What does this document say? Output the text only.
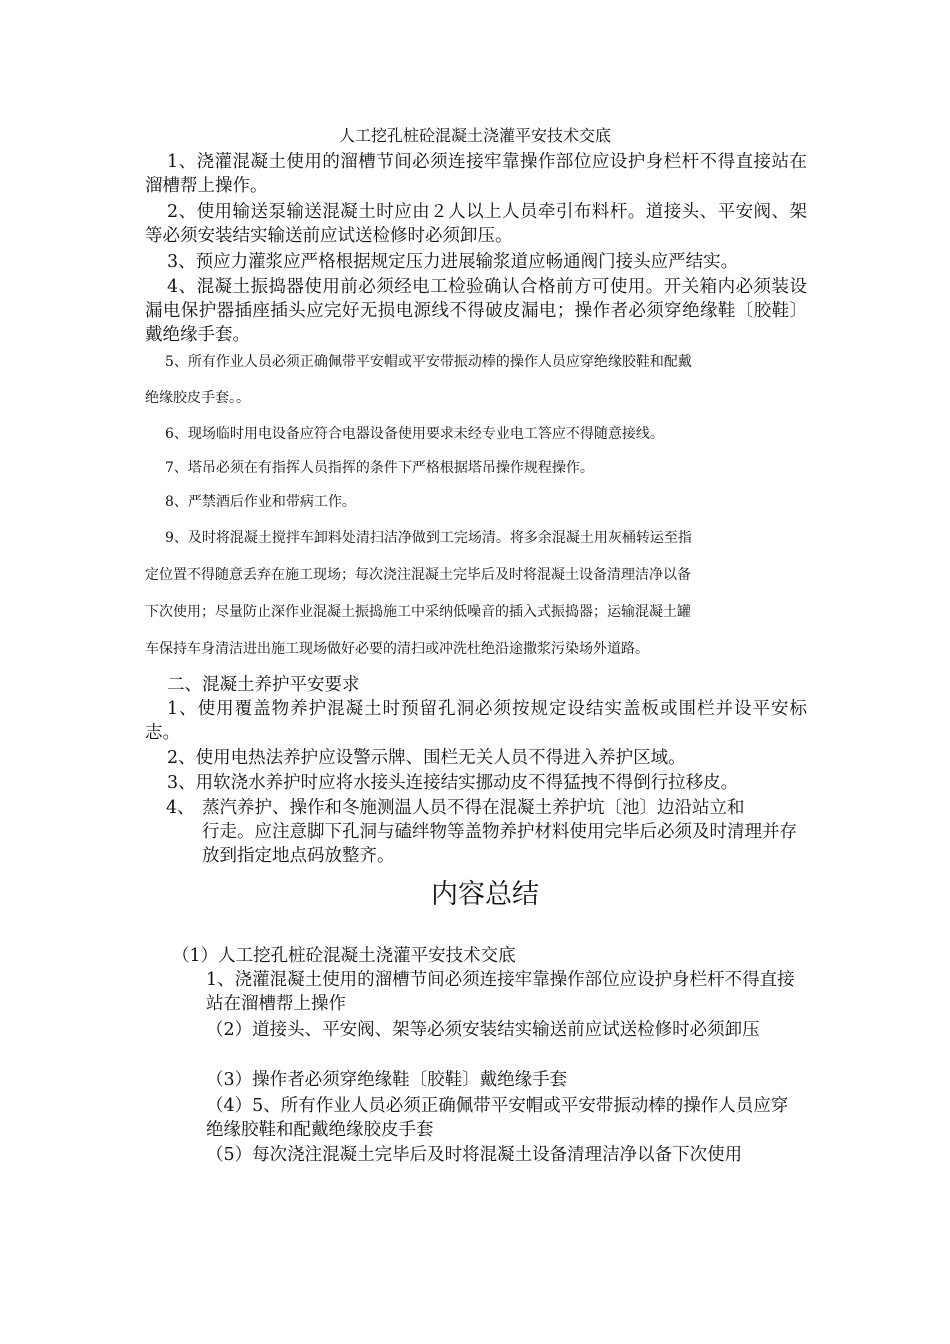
人工挖孔桩砼混凝土浇灌平安技术交底
1、浇灌混凝土使用的溜槽节间必须连接牢靠操作部位应设护身栏杆不得直接站在溜槽帮上操作。
2、使用输送泵输送混凝土时应由２人以上人员牵引布料杆。道接头、平安阀、架等必须安装结实输送前应试送检修时必须卸压。
3、预应力灌浆应严格根据规定压力进展输浆道应畅通阀门接头应严结实。
4、混凝土振捣器使用前必须经电工检验确认合格前方可使用。开关箱内必须装设漏电保护器插座插头应完好无损电源线不得破皮漏电；操作者必须穿绝缘鞋〔胶鞋〕戴绝缘手套。
5、所有作业人员必须正确佩带平安帽或平安带振动棒的操作人员应穿绝缘胶鞋和配戴
绝缘胶皮手套。。
6、现场临时用电设备应符合电器设备使用要求未经专业电工答应不得随意接线。
7、塔吊必须在有指挥人员指挥的条件下严格根据塔吊操作规程操作。
8、严禁酒后作业和带病工作。
9、及时将混凝土搅拌车卸料处清扫洁净做到工完场清。将多余混凝土用灰桶转运至指
定位置不得随意丢弃在施工现场；每次浇注混凝土完毕后及时将混凝土设备清理洁净以备
下次使用；尽量防止深作业混凝土振捣施工中采纳低噪音的插入式振捣器；运输混凝土罐
车保持车身清洁进出施工现场做好必要的清扫或冲洗杜绝沿途撒浆污染场外道路。
二、混凝土养护平安要求
1、使用覆盖物养护混凝土时预留孔洞必须按规定设结实盖板或围栏并设平安标志。
2、使用电热法养护应设警示牌、围栏无关人员不得进入养护区域。
3、用软浇水养护时应将水接头连接结实挪动皮不得猛拽不得倒行拉移皮。
4、 蒸汽养护、操作和冬施测温人员不得在混凝土养护坑〔池〕边沿站立和
行走。应注意脚下孔洞与磕绊物等盖物养护材料使用完毕后必须及时清理并存放到指定地点码放整齐。
内容总结
（1）人工挖孔桩砼混凝土浇灌平安技术交底
1、浇灌混凝土使用的溜槽节间必须连接牢靠操作部位应设护身栏杆不得直接站在溜槽帮上操作
（2）道接头、平安阀、架等必须安装结实输送前应试送检修时必须卸压
（3）操作者必须穿绝缘鞋〔胶鞋〕戴绝缘手套
（4）5、所有作业人员必须正确佩带平安帽或平安带振动棒的操作人员应穿绝缘胶鞋和配戴绝缘胶皮手套
（5）每次浇注混凝土完毕后及时将混凝土设备清理洁净以备下次使用
